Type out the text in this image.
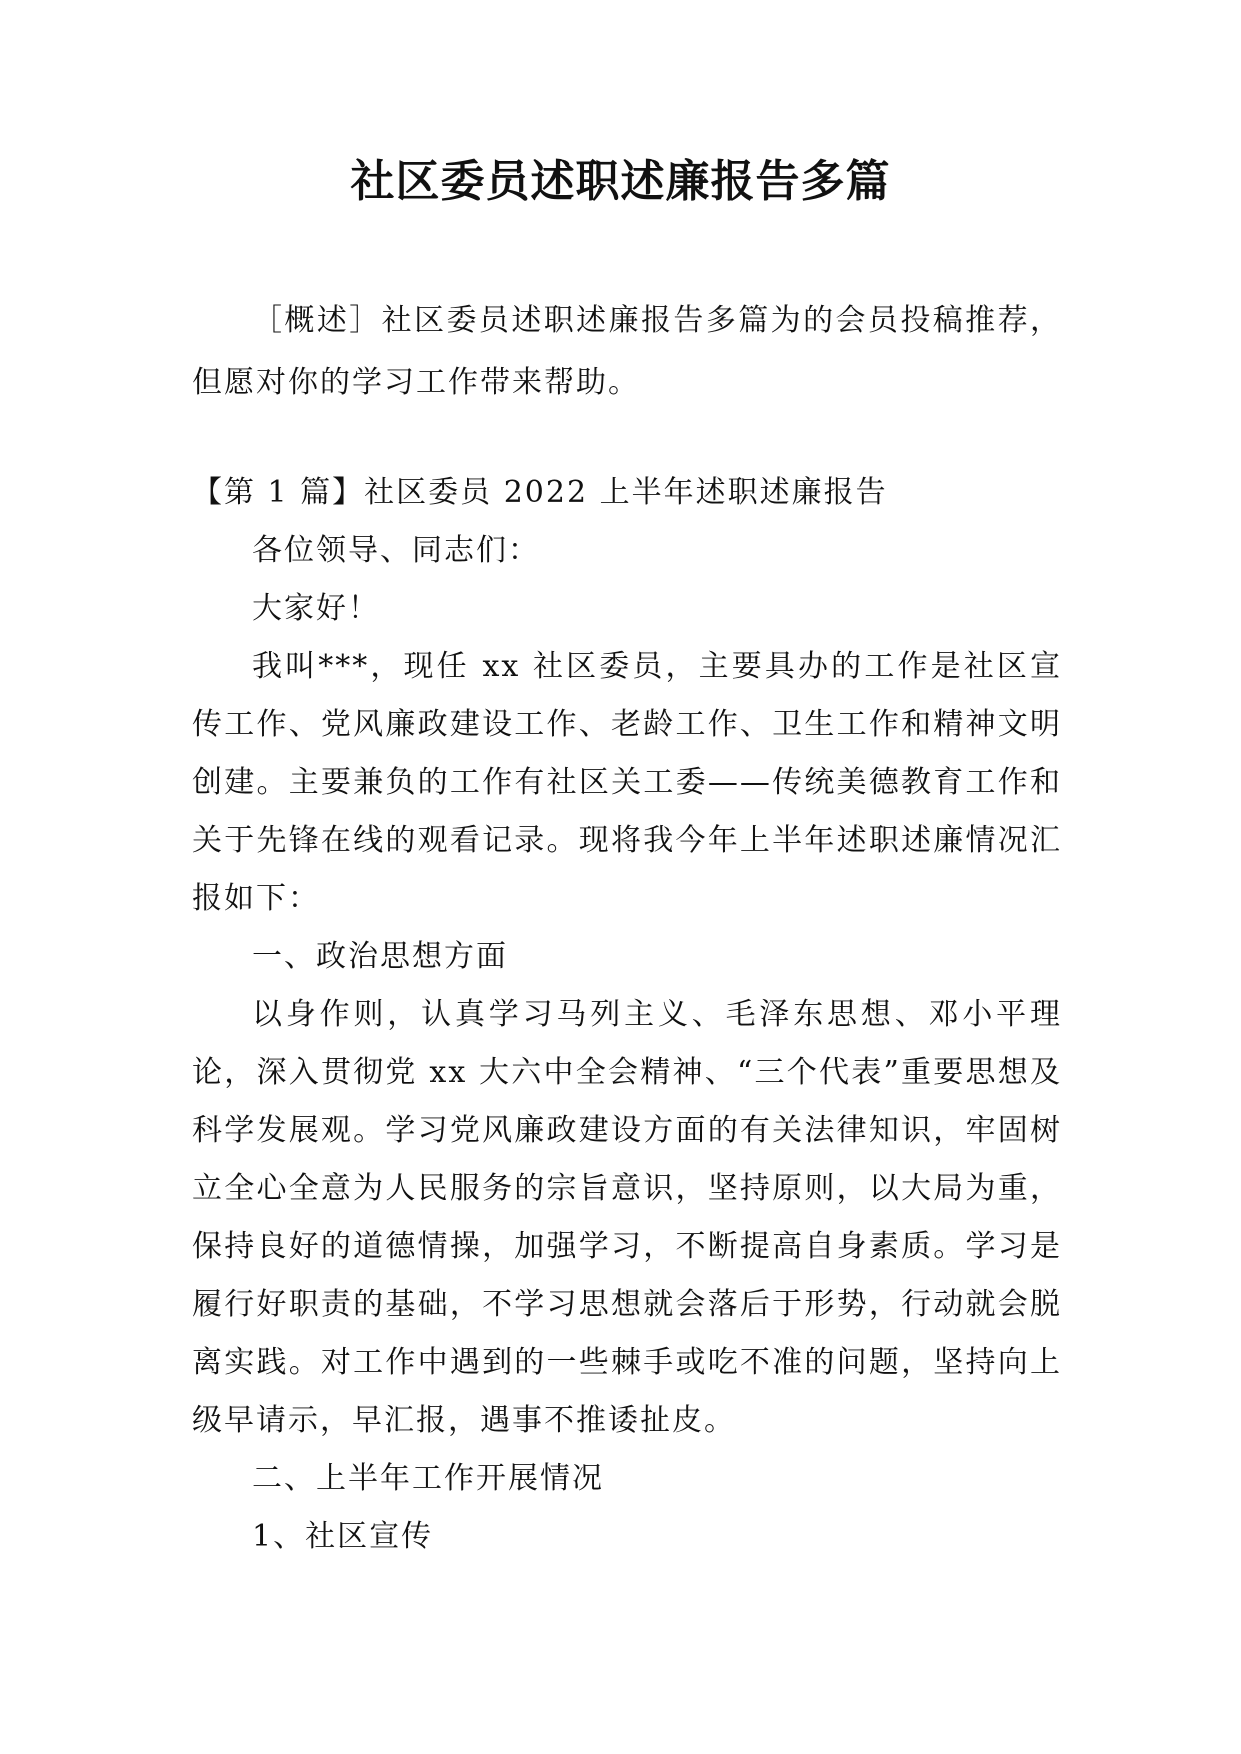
社区委员述职述廉报告多篇

［概述］社区委员述职述廉报告多篇为的会员投稿推荐，但愿对你的学习工作带来帮助。

【第 1 篇】社区委员 2022 上半年述职述廉报告

各位领导、同志们：

大家好！

我叫***，现任 xx 社区委员，主要具办的工作是社区宣传工作、党风廉政建设工作、老龄工作、卫生工作和精神文明创建。主要兼负的工作有社区关工委——传统美德教育工作和关于先锋在线的观看记录。现将我今年上半年述职述廉情况汇报如下：

一、政治思想方面

以身作则，认真学习马列主义、毛泽东思想、邓小平理论，深入贯彻党 xx 大六中全会精神、“三个代表”重要思想及科学发展观。学习党风廉政建设方面的有关法律知识，牢固树立全心全意为人民服务的宗旨意识，坚持原则，以大局为重，保持良好的道德情操，加强学习，不断提高自身素质。学习是履行好职责的基础，不学习思想就会落后于形势，行动就会脱离实践。对工作中遇到的一些棘手或吃不准的问题，坚持向上级早请示，早汇报，遇事不推诿扯皮。

二、上半年工作开展情况

1、社区宣传
